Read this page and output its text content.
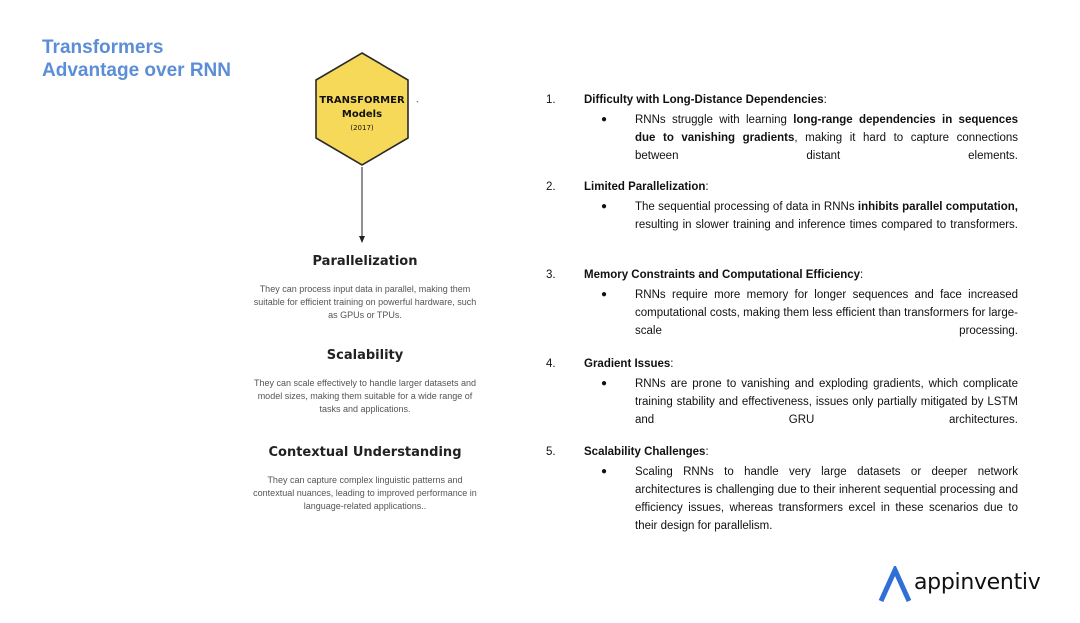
Transformers Advantage over RNN
TRANSFORMER Models
(2017)
`
Parallelization
They can process input data in parallel, making them suitable for efficient training on powerful hardware, such as GPUs or TPUs.
Scalability
They can scale effectively to handle larger datasets and model sizes, making them suitable for a wide range of tasks and applications.
Contextual Understanding
They can capture complex linguistic patterns and contextual nuances, leading to improved performance in language-related applications..
1. Difficulty with Long-Distance Dependencies:
● RNNs struggle with learning long-range dependencies in sequences due to vanishing gradients, making it hard to capture connections between distant elements.
2. Limited Parallelization:
● The sequential processing of data in RNNs inhibits parallel computation, resulting in slower training and inference times compared to transformers.
3. Memory Constraints and Computational Efficiency:
● RNNs require more memory for longer sequences and face increased computational costs, making them less efficient than transformers for large-scale processing.
4. Gradient Issues:
● RNNs are prone to vanishing and exploding gradients, which complicate training stability and effectiveness, issues only partially mitigated by LSTM and GRU architectures.
5. Scalability Challenges:
● Scaling RNNs to handle very large datasets or deeper network architectures is challenging due to their inherent sequential processing and efficiency issues, whereas transformers excel in these scenarios due to their design for parallelism.
appinventiv
